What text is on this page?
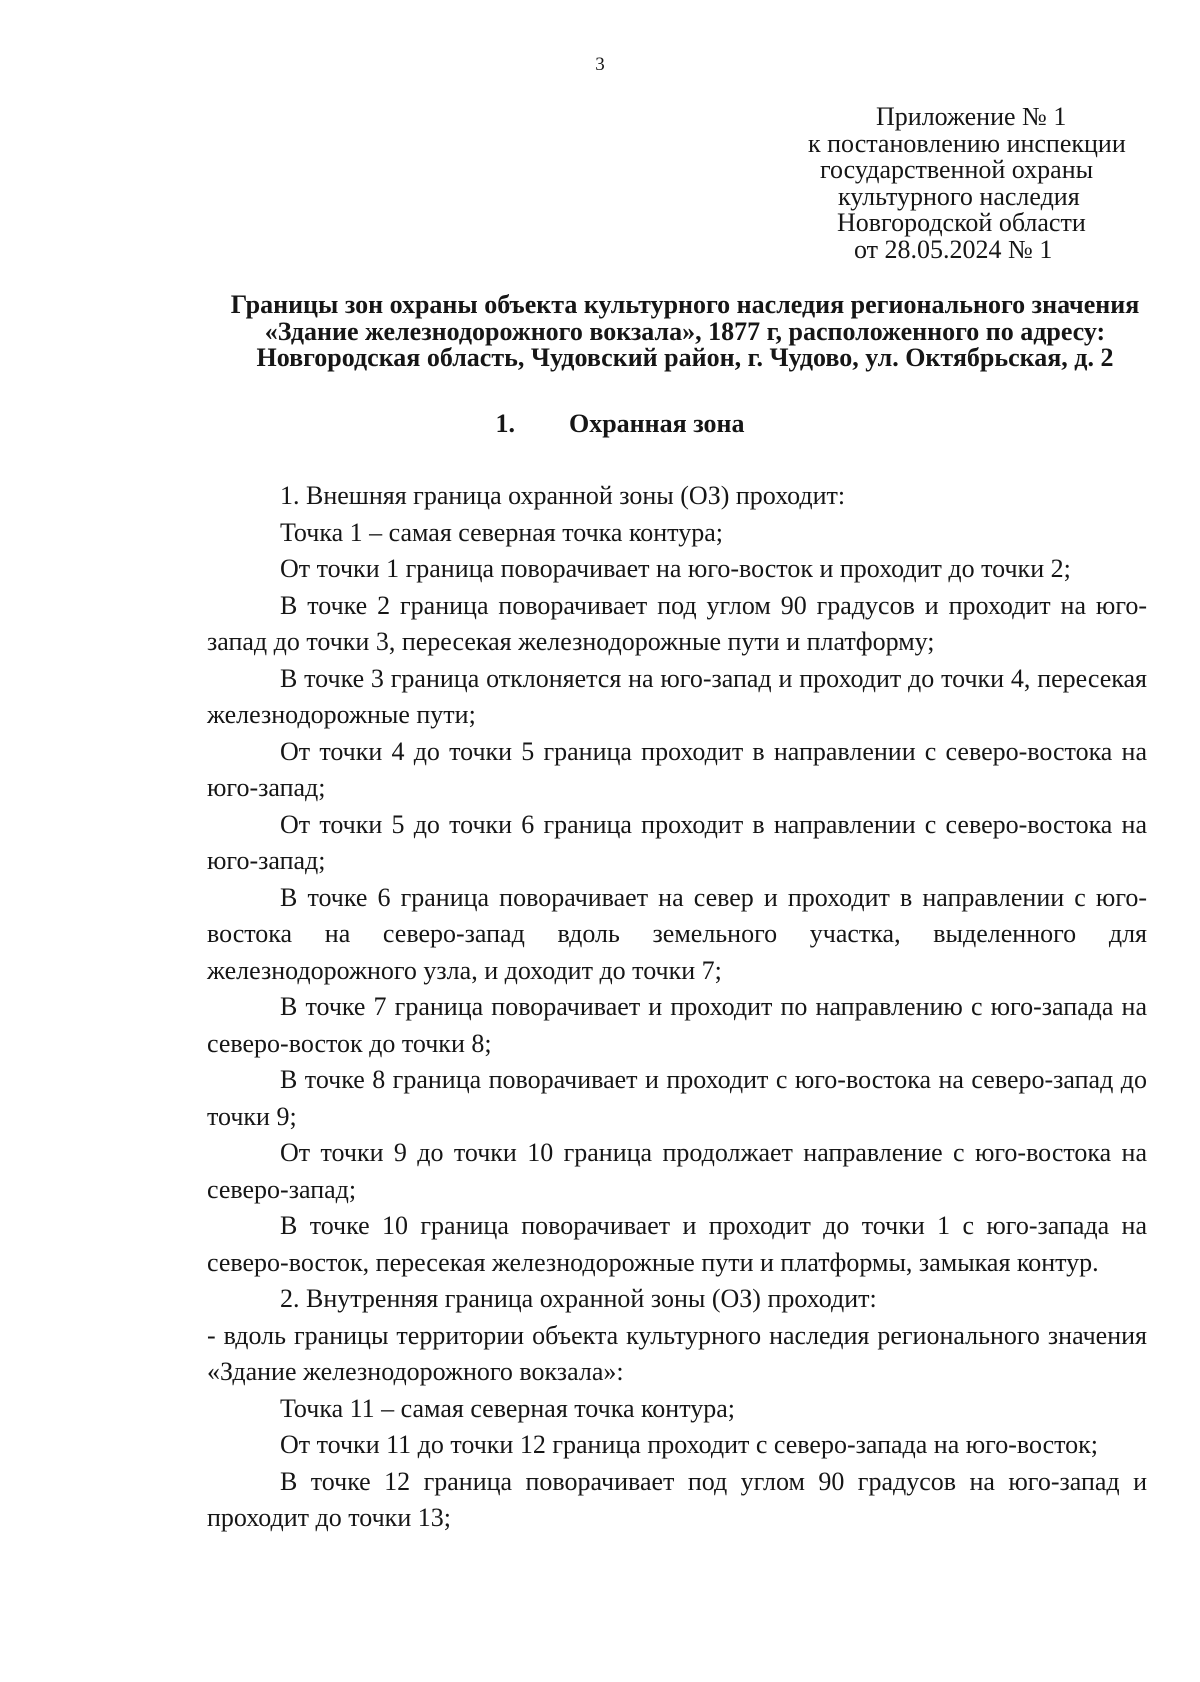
3
Приложение № 1
к постановлению инспекции
государственной охраны
культурного наследия
Новгородской области
от 28.05.2024 № 1
Границы зон охраны объекта культурного наследия регионального значения «Здание железнодорожного вокзала», 1877 г, расположенного по адресу: Новгородская область, Чудовский район, г. Чудово, ул. Октябрьская, д. 2
1. Охранная зона

1. Внешняя граница охранной зоны (ОЗ) проходит:

Точка 1 – самая северная точка контура;

От точки 1 граница поворачивает на юго-восток и проходит до точки 2;

В точке 2 граница поворачивает под углом 90 градусов и проходит на юго-запад до точки 3, пересекая железнодорожные пути и платформу;

В точке 3 граница отклоняется на юго-запад и проходит до точки 4, пересекая железнодорожные пути;

От точки 4 до точки 5 граница проходит в направлении с северо-востока на юго-запад;

От точки 5 до точки 6 граница проходит в направлении с северо-востока на юго-запад;

В точке 6 граница поворачивает на север и проходит в направлении с юго-востока на северо-запад вдоль земельного участка, выделенного для железнодорожного узла, и доходит до точки 7;

В точке 7 граница поворачивает и проходит по направлению с юго-запада на северо-восток до точки 8;

В точке 8 граница поворачивает и проходит с юго-востока на северо-запад до точки 9;

От точки 9 до точки 10 граница продолжает направление с юго-востока на северо-запад;

В точке 10 граница поворачивает и проходит до точки 1 с юго-запада на северо-восток, пересекая железнодорожные пути и платформы, замыкая контур.

2. Внутренняя граница охранной зоны (ОЗ) проходит:

- вдоль границы территории объекта культурного наследия регионального значения «Здание железнодорожного вокзала»:

Точка 11 – самая северная точка контура;

От точки 11 до точки 12 граница проходит с северо-запада на юго-восток;

В точке 12 граница поворачивает под углом 90 градусов на юго-запад и проходит до точки 13;
